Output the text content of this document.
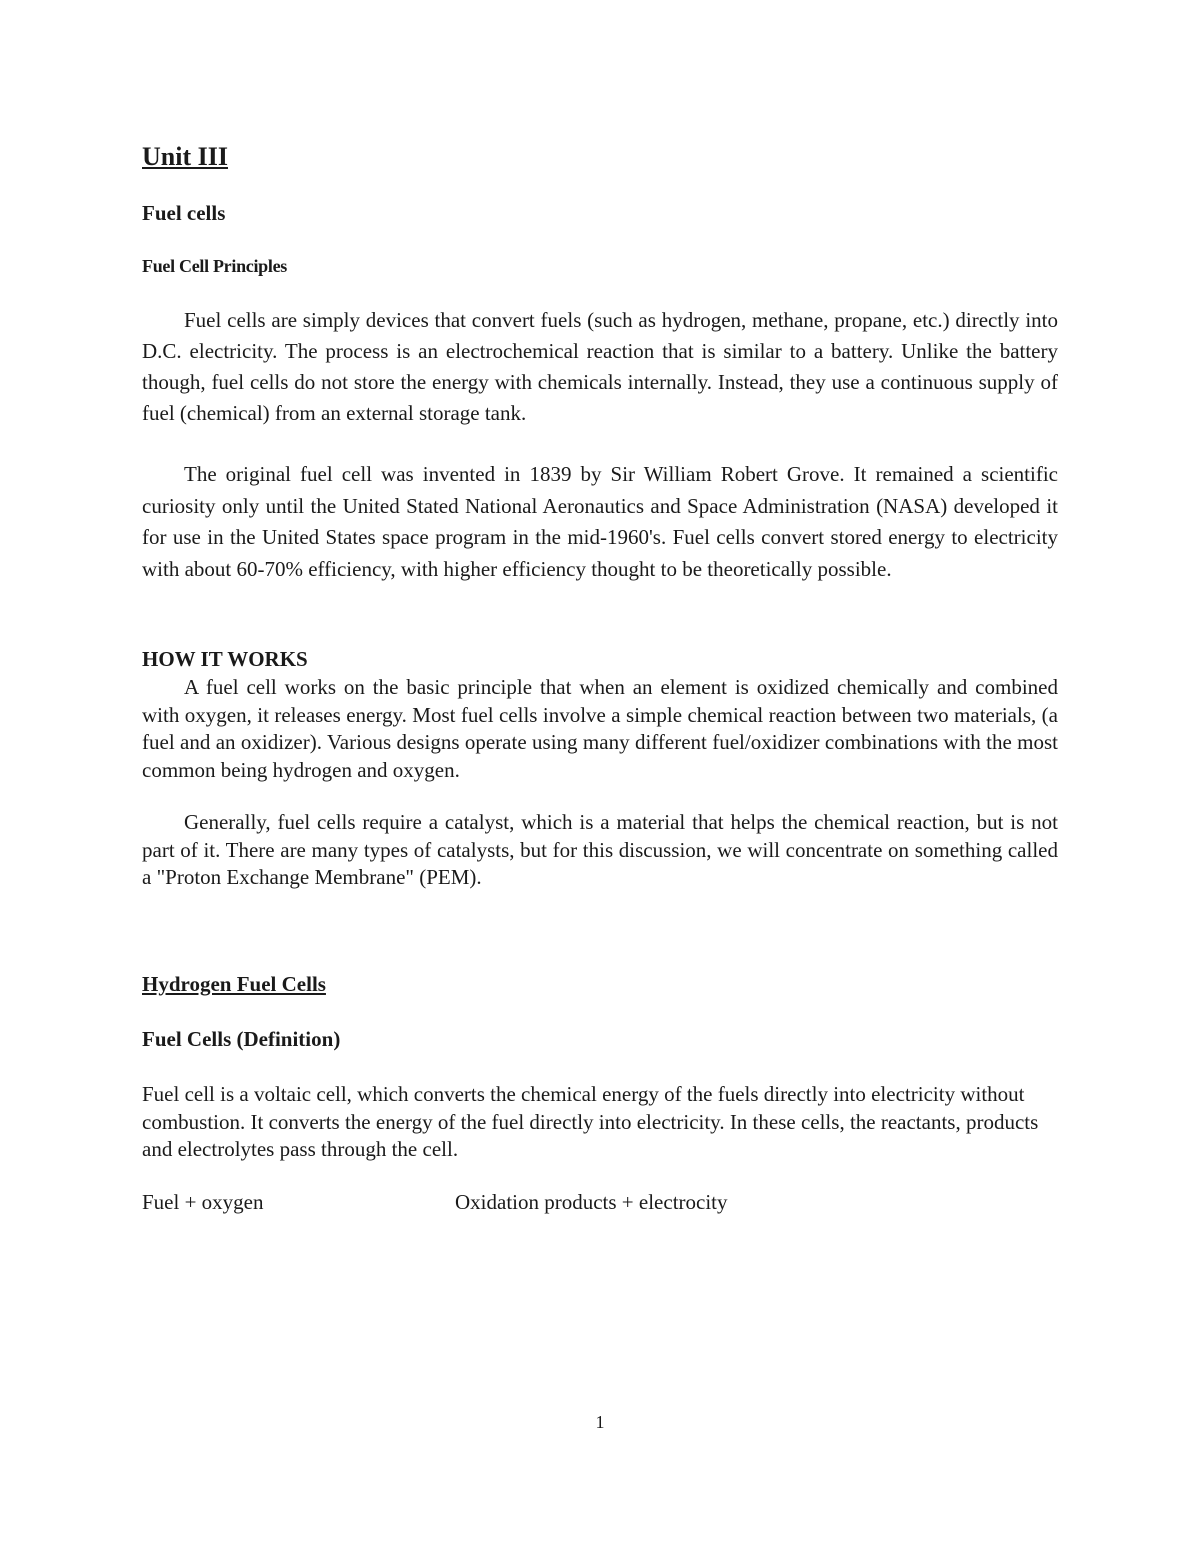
Unit III
Fuel cells
Fuel Cell Principles

Fuel cells are simply devices that convert fuels (such as hydrogen, methane, propane, etc.) directly into D.C. electricity. The process is an electrochemical reaction that is similar to a battery. Unlike the battery though, fuel cells do not store the energy with chemicals internally. Instead, they use a continuous supply of fuel (chemical) from an external storage tank.

The original fuel cell was invented in 1839 by Sir William Robert Grove. It remained a scientific curiosity only until the United Stated National Aeronautics and Space Administration (NASA) developed it for use in the United States space program in the mid-1960's. Fuel cells convert stored energy to electricity with about 60-70% efficiency, with higher efficiency thought to be theoretically possible.

HOW IT WORKS

A fuel cell works on the basic principle that when an element is oxidized chemically and combined with oxygen, it releases energy. Most fuel cells involve a simple chemical reaction between two materials, (a fuel and an oxidizer). Various designs operate using many different fuel/oxidizer combinations with the most common being hydrogen and oxygen.

Generally, fuel cells require a catalyst, which is a material that helps the chemical reaction, but is not part of it. There are many types of catalysts, but for this discussion, we will concentrate on something called a "Proton Exchange Membrane" (PEM).

Hydrogen Fuel Cells
Fuel Cells (Definition)

Fuel cell is a voltaic cell, which converts the chemical energy of the fuels directly into electricity without combustion. It converts the energy of the fuel directly into electricity. In these cells, the reactants, products and electrolytes pass through the cell.

Fuel + oxygen	Oxidation products + electrocity
1
